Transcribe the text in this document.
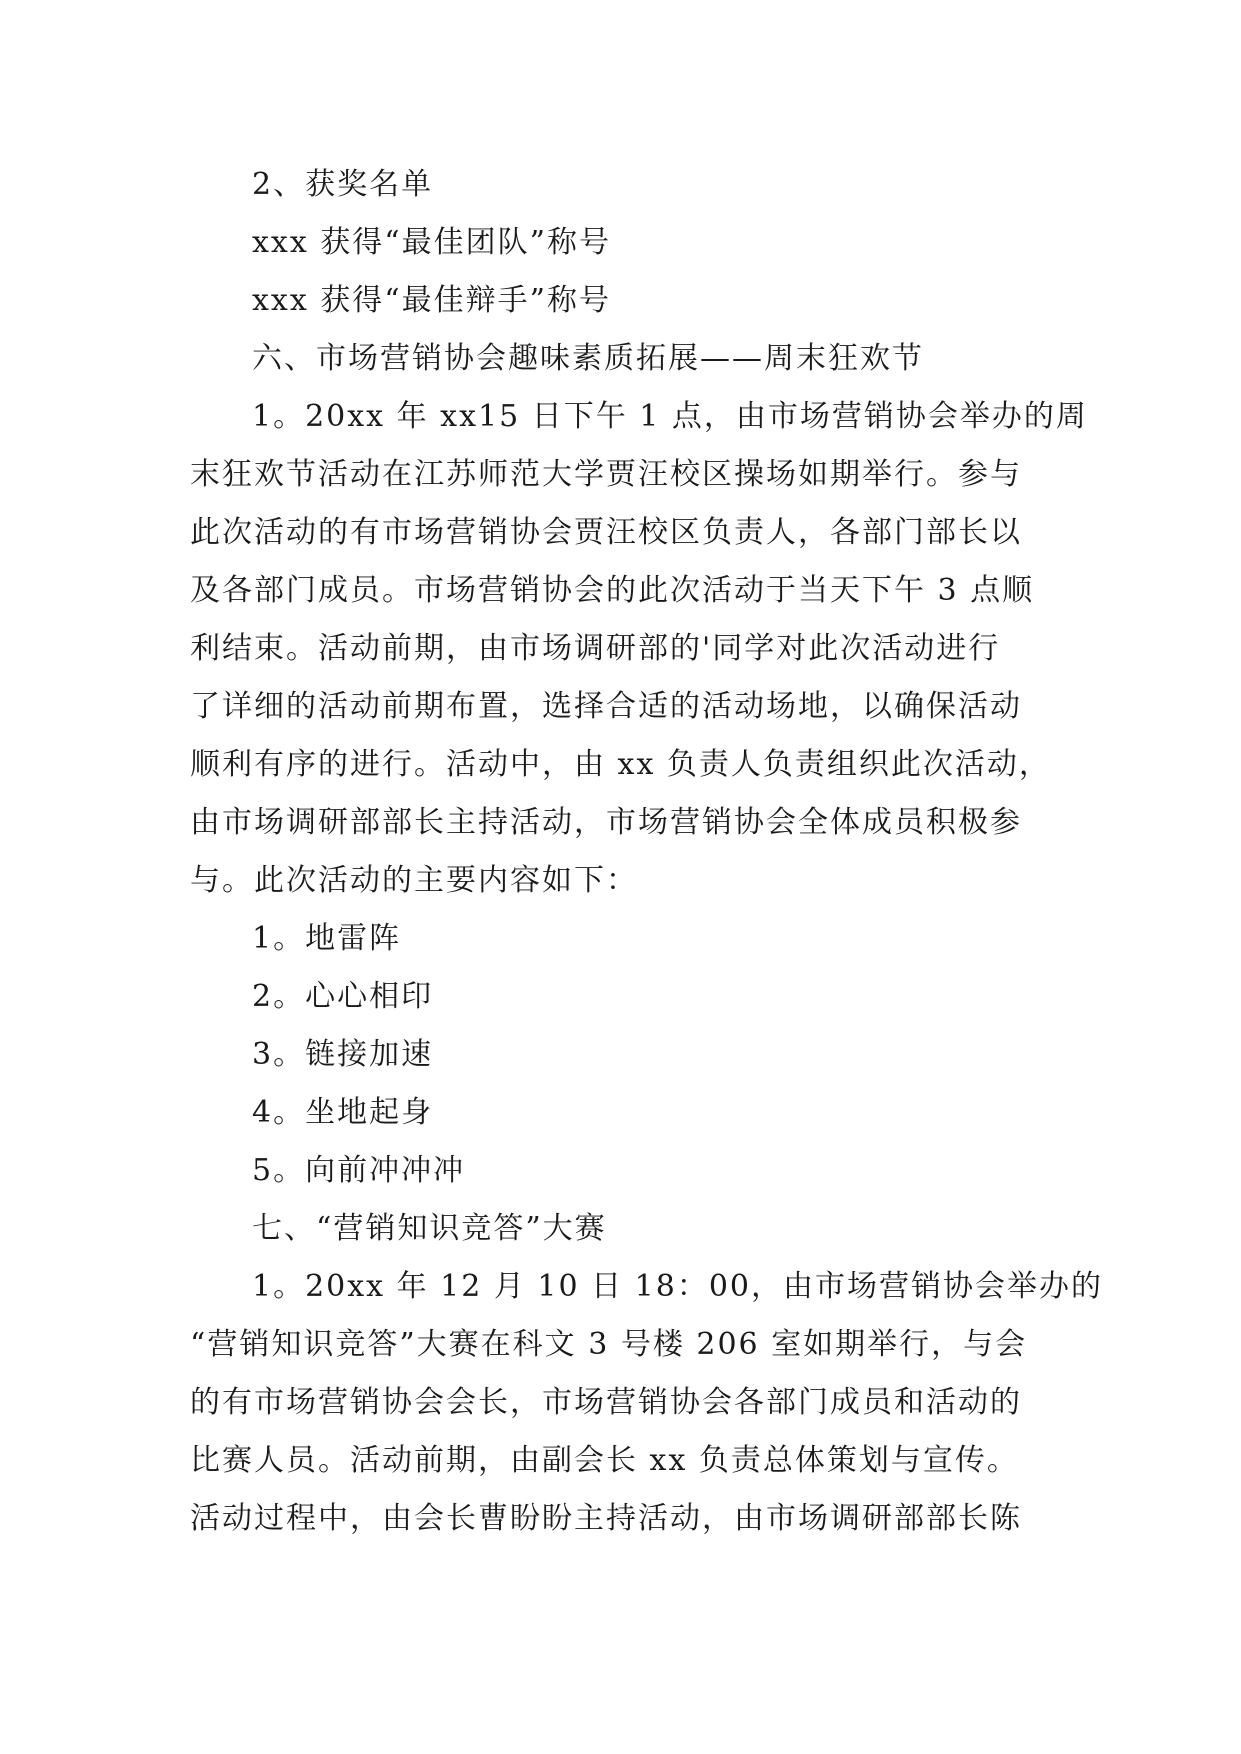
2、获奖名单
xxx 获得“最佳团队”称号
xxx 获得“最佳辩手”称号
六、市场营销协会趣味素质拓展——周末狂欢节
1。20xx 年 xx15 日下午 1 点，由市场营销协会举办的周
末狂欢节活动在江苏师范大学贾汪校区操场如期举行。参与
此次活动的有市场营销协会贾汪校区负责人，各部门部长以
及各部门成员。市场营销协会的此次活动于当天下午 3 点顺
利结束。活动前期，由市场调研部的'同学对此次活动进行
了详细的活动前期布置，选择合适的活动场地，以确保活动
顺利有序的进行。活动中，由 xx 负责人负责组织此次活动，
由市场调研部部长主持活动，市场营销协会全体成员积极参
与。此次活动的主要内容如下：
1。地雷阵
2。心心相印
3。链接加速
4。坐地起身
5。向前冲冲冲
七、“营销知识竞答”大赛
1。20xx 年 12 月 10 日 18：00，由市场营销协会举办的
“营销知识竞答”大赛在科文 3 号楼 206 室如期举行，与会
的有市场营销协会会长，市场营销协会各部门成员和活动的
比赛人员。活动前期，由副会长 xx 负责总体策划与宣传。
活动过程中，由会长曹盼盼主持活动，由市场调研部部长陈
